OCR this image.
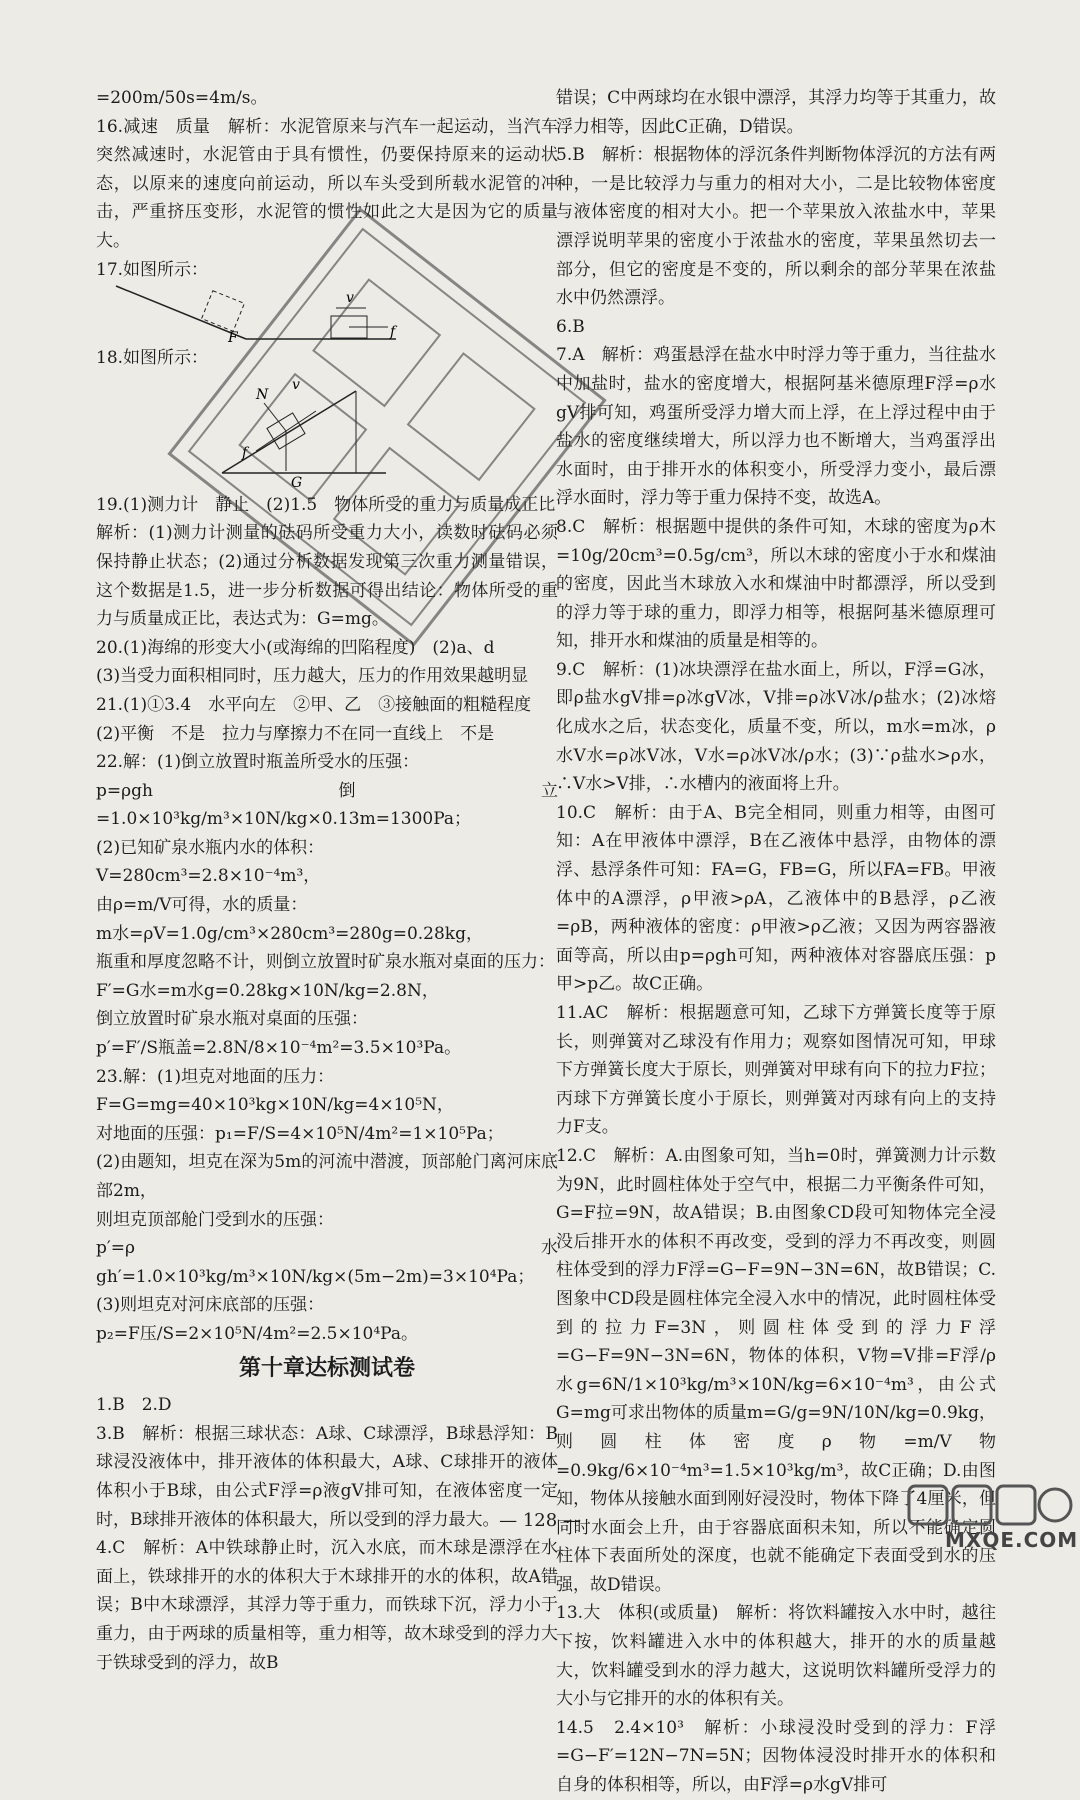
=200m/50s=4m/s。

16.减速　质量　解析：水泥管原来与汽车一起运动，当汽车突然减速时，水泥管由于具有惯性，仍要保持原来的运动状态，以原来的速度向前运动，所以车头受到所载水泥管的冲击，严重挤压变形，水泥管的惯性如此之大是因为它的质量大。

17.如图所示：

v
f
F

18.如图所示：

N
v
f
G

19.(1)测力计　静止　(2)1.5　物体所受的重力与质量成正比

解析：(1)测力计测量的砝码所受重力大小，读数时砝码必须保持静止状态；(2)通过分析数据发现第三次重力测量错误，这个数据是1.5，进一步分析数据可得出结论：物体所受的重力与质量成正比，表达式为：G=mg。

20.(1)海绵的形变大小(或海绵的凹陷程度)　(2)a、d

(3)当受力面积相同时，压力越大，压力的作用效果越明显

21.(1)①3.4　水平向左　②甲、乙　③接触面的粗糙程度

(2)平衡　不是　拉力与摩擦力不在同一直线上　不是

22.解：(1)倒立放置时瓶盖所受水的压强：

p=ρgh倒立=1.0×10³kg/m³×10N/kg×0.13m=1300Pa；

(2)已知矿泉水瓶内水的体积：

V=280cm³=2.8×10⁻⁴m³，

由ρ=m/V可得，水的质量：

m水=ρV=1.0g/cm³×280cm³=280g=0.28kg，

瓶重和厚度忽略不计，则倒立放置时矿泉水瓶对桌面的压力：

F′=G水=m水g=0.28kg×10N/kg=2.8N，

倒立放置时矿泉水瓶对桌面的压强：

p′=F′/S瓶盖=2.8N/8×10⁻⁴m²=3.5×10³Pa。

23.解：(1)坦克对地面的压力：

F=G=mg=40×10³kg×10N/kg=4×10⁵N，

对地面的压强：p₁=F/S=4×10⁵N/4m²=1×10⁵Pa；

(2)由题知，坦克在深为5m的河流中潜渡，顶部舱门离河床底部2m，

则坦克顶部舱门受到水的压强：

p′=ρ水gh′=1.0×10³kg/m³×10N/kg×(5m−2m)=3×10⁴Pa；

(3)则坦克对河床底部的压强：

p₂=F压/S=2×10⁵N/4m²=2.5×10⁴Pa。

第十章达标测试卷

1.B　2.D

3.B　解析：根据三球状态：A球、C球漂浮，B球悬浮知：B球浸没液体中，排开液体的体积最大，A球、C球排开的液体体积小于B球，由公式F浮=ρ液gV排可知，在液体密度一定时，B球排开液体的体积最大，所以受到的浮力最大。

4.C　解析：A中铁球静止时，沉入水底，而木球是漂浮在水面上，铁球排开的水的体积大于木球排开的水的体积，故A错误；B中木球漂浮，其浮力等于重力，而铁球下沉，浮力小于重力，由于两球的质量相等，重力相等，故木球受到的浮力大于铁球受到的浮力，故B

错误；C中两球均在水银中漂浮，其浮力均等于其重力，故浮力相等，因此C正确，D错误。

5.B　解析：根据物体的浮沉条件判断物体浮沉的方法有两种，一是比较浮力与重力的相对大小，二是比较物体密度与液体密度的相对大小。把一个苹果放入浓盐水中，苹果漂浮说明苹果的密度小于浓盐水的密度，苹果虽然切去一部分，但它的密度是不变的，所以剩余的部分苹果在浓盐水中仍然漂浮。

6.B

7.A　解析：鸡蛋悬浮在盐水中时浮力等于重力，当往盐水中加盐时，盐水的密度增大，根据阿基米德原理F浮=ρ水gV排可知，鸡蛋所受浮力增大而上浮，在上浮过程中由于盐水的密度继续增大，所以浮力也不断增大，当鸡蛋浮出水面时，由于排开水的体积变小，所受浮力变小，最后漂浮水面时，浮力等于重力保持不变，故选A。

8.C　解析：根据题中提供的条件可知，木球的密度为ρ木=10g/20cm³=0.5g/cm³，所以木球的密度小于水和煤油的密度，因此当木球放入水和煤油中时都漂浮，所以受到的浮力等于球的重力，即浮力相等，根据阿基米德原理可知，排开水和煤油的质量是相等的。

9.C　解析：(1)冰块漂浮在盐水面上，所以，F浮=G冰，即ρ盐水gV排=ρ冰gV冰，V排=ρ冰V冰/ρ盐水；(2)冰熔化成水之后，状态变化，质量不变，所以，m水=m冰，ρ水V水=ρ冰V冰，V水=ρ冰V冰/ρ水；(3)∵ρ盐水>ρ水，∴V水>V排，∴水槽内的液面将上升。

10.C　解析：由于A、B完全相同，则重力相等，由图可知：A在甲液体中漂浮，B在乙液体中悬浮，由物体的漂浮、悬浮条件可知：FA=G，FB=G，所以FA=FB。甲液体中的A漂浮，ρ甲液>ρA，乙液体中的B悬浮，ρ乙液=ρB，两种液体的密度：ρ甲液>ρ乙液；又因为两容器液面等高，所以由p=ρgh可知，两种液体对容器底压强：p甲>p乙。故C正确。

11.AC　解析：根据题意可知，乙球下方弹簧长度等于原长，则弹簧对乙球没有作用力；观察如图情况可知，甲球下方弹簧长度大于原长，则弹簧对甲球有向下的拉力F拉；丙球下方弹簧长度小于原长，则弹簧对丙球有向上的支持力F支。

12.C　解析：A.由图象可知，当h=0时，弹簧测力计示数为9N，此时圆柱体处于空气中，根据二力平衡条件可知，G=F拉=9N，故A错误；B.由图象CD段可知物体完全浸没后排开水的体积不再改变，受到的浮力不再改变，则圆柱体受到的浮力F浮=G−F=9N−3N=6N，故B错误；C.图象中CD段是圆柱体完全浸入水中的情况，此时圆柱体受到的拉力F=3N，则圆柱体受到的浮力F浮=G−F=9N−3N=6N，物体的体积，V物=V排=F浮/ρ水g=6N/1×10³kg/m³×10N/kg=6×10⁻⁴m³，由公式G=mg可求出物体的质量m=G/g=9N/10N/kg=0.9kg，则圆柱体密度ρ物=m/V物=0.9kg/6×10⁻⁴m³=1.5×10³kg/m³，故C正确；D.由图知，物体从接触水面到刚好浸没时，物体下降了4厘米，但同时水面会上升，由于容器底面积未知，所以不能确定圆柱体下表面所处的深度，也就不能确定下表面受到水的压强，故D错误。

13.大　体积(或质量)　解析：将饮料罐按入水中时，越往下按，饮料罐进入水中的体积越大，排开的水的质量越大，饮料罐受到水的浮力越大，这说明饮料罐所受浮力的大小与它排开的水的体积有关。

14.5　2.4×10³　解析：小球浸没时受到的浮力：F浮=G−F′=12N−7N=5N；因物体浸没时排开水的体积和自身的体积相等，所以，由F浮=ρ水gV排可

— 128 —
MXQE.COM
